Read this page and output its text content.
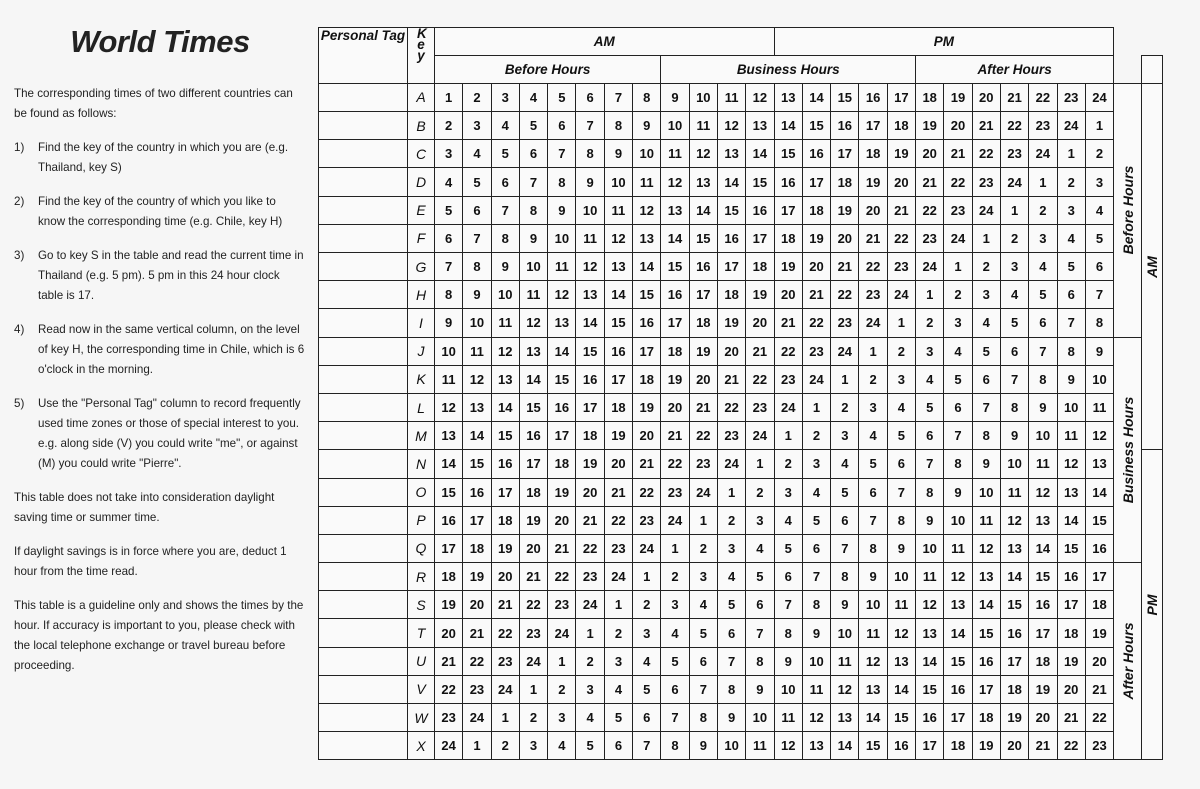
World Times
The corresponding times of two different countries can be found as follows:
1)	Find the key of the country in which you are (e.g. Thailand, key S)
2)	Find the key of the country of which you like to know the corresponding time (e.g. Chile, key H)
3)	Go to key S in the table and read the current time in Thailand (e.g. 5 pm). 5 pm in this 24 hour clock table is 17.
4)	Read now in the same vertical column, on the level of key H, the corresponding time in Chile, which is 6 o'clock in the morning.
5)	Use the "Personal Tag" column to record frequently used time zones or those of special interest to you. e.g. along side (V) you could write "me", or against (M) you could write "Pierre".
This table does not take into consideration daylight saving time or summer time.
If daylight savings is in force where you are, deduct 1 hour from the time read.
This table is a guideline only and shows the times by the hour. If accuracy is important to you, please check with the local telephone exchange or travel bureau before proceeding.
Personal Tag	Key	AM												PM													
		Before Hours								Business Hours									After Hours								
	A	1	2	3	4	5	6	7	8	9	10	11	12	13	14	15	16	17	18	19	20	21	22	23	24	Before Hours	AM

	B	2	3	4	5	6	7	8	9	10	11	12	13	14	15	16	17	18	19	20	21	22	23	24	1		
	C	3	4	5	6	7	8	9	10	11	12	13	14	15	16	17	18	19	20	21	22	23	24	1	2		
	D	4	5	6	7	8	9	10	11	12	13	14	15	16	17	18	19	20	21	22	23	24	1	2	3		
	E	5	6	7	8	9	10	11	12	13	14	15	16	17	18	19	20	21	22	23	24	1	2	3	4		
	F	6	7	8	9	10	11	12	13	14	15	16	17	18	19	20	21	22	23	24	1	2	3	4	5		
	G	7	8	9	10	11	12	13	14	15	16	17	18	19	20	21	22	23	24	1	2	3	4	5	6		
	H	8	9	10	11	12	13	14	15	16	17	18	19	20	21	22	23	24	1	2	3	4	5	6	7		
	I	9	10	11	12	13	14	15	16	17	18	19	20	21	22	23	24	1	2	3	4	5	6	7	8		
	J	10	11	12	13	14	15	16	17	18	19	20	21	22	23	24	1	2	3	4	5	6	7	8	9	Business Hours	

	K	11	12	13	14	15	16	17	18	19	20	21	22	23	24	1	2	3	4	5	6	7	8	9	10		
	L	12	13	14	15	16	17	18	19	20	21	22	23	24	1	2	3	4	5	6	7	8	9	10	11		
	M	13	14	15	16	17	18	19	20	21	22	23	24	1	2	3	4	5	6	7	8	9	10	11	12		
	N	14	15	16	17	18	19	20	21	22	23	24	1	2	3	4	5	6	7	8	9	10	11	12	13		PM

	O	15	16	17	18	19	20	21	22	23	24	1	2	3	4	5	6	7	8	9	10	11	12	13	14		
	P	16	17	18	19	20	21	22	23	24	1	2	3	4	5	6	7	8	9	10	11	12	13	14	15		
	Q	17	18	19	20	21	22	23	24	1	2	3	4	5	6	7	8	9	10	11	12	13	14	15	16		
	R	18	19	20	21	22	23	24	1	2	3	4	5	6	7	8	9	10	11	12	13	14	15	16	17	After Hours	

	S	19	20	21	22	23	24	1	2	3	4	5	6	7	8	9	10	11	12	13	14	15	16	17	18		
	T	20	21	22	23	24	1	2	3	4	5	6	7	8	9	10	11	12	13	14	15	16	17	18	19		
	U	21	22	23	24	1	2	3	4	5	6	7	8	9	10	11	12	13	14	15	16	17	18	19	20		
	V	22	23	24	1	2	3	4	5	6	7	8	9	10	11	12	13	14	15	16	17	18	19	20	21		
	W	23	24	1	2	3	4	5	6	7	8	9	10	11	12	13	14	15	16	17	18	19	20	21	22		
	X	24	1	2	3	4	5	6	7	8	9	10	11	12	13	14	15	16	17	18	19	20	21	22	23		
